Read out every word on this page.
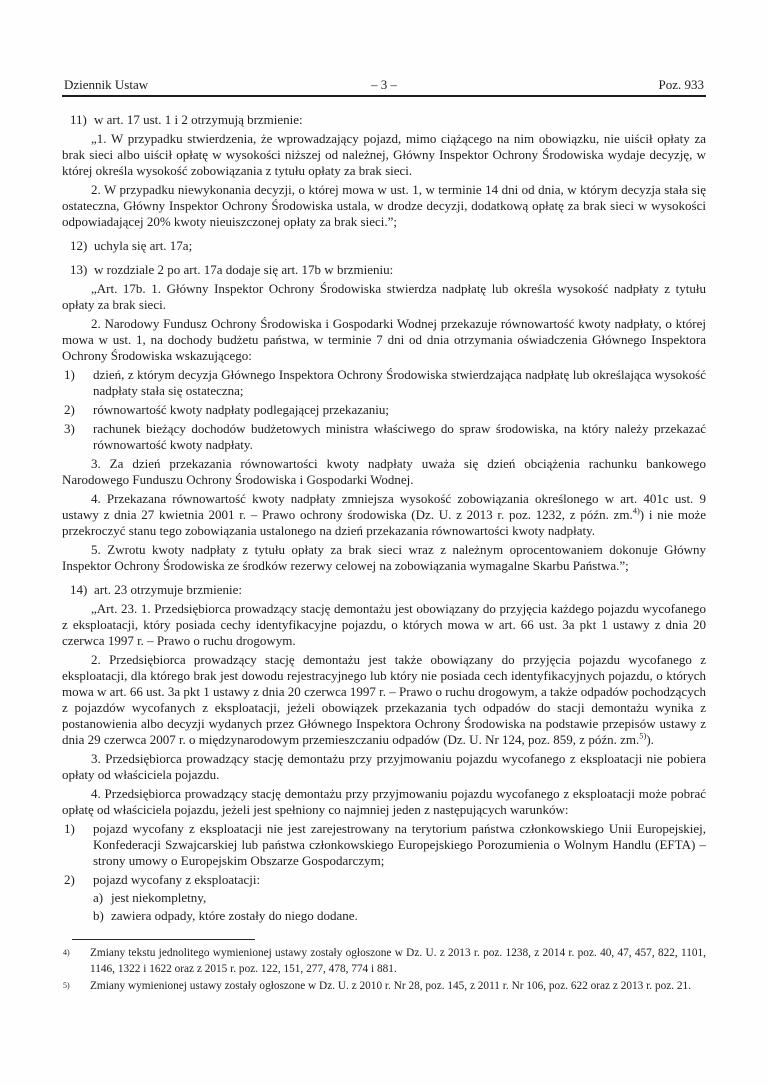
Dziennik Ustaw	– 3 –	Poz. 933
11) w art. 17 ust. 1 i 2 otrzymują brzmienie:

„1. W przypadku stwierdzenia, że wprowadzający pojazd, mimo ciążącego na nim obowiązku, nie uiścił opłaty za brak sieci albo uiścił opłatę w wysokości niższej od należnej, Główny Inspektor Ochrony Środowiska wydaje decyzję, w której określa wysokość zobowiązania z tytułu opłaty za brak sieci.

2. W przypadku niewykonania decyzji, o której mowa w ust. 1, w terminie 14 dni od dnia, w którym decyzja stała się ostateczna, Główny Inspektor Ochrony Środowiska ustala, w drodze decyzji, dodatkową opłatę za brak sieci w wysokości odpowiadającej 20% kwoty nieuiszczonej opłaty za brak sieci.”;

12) uchyla się art. 17a;
13) w rozdziale 2 po art. 17a dodaje się art. 17b w brzmieniu:

„Art. 17b. 1. Główny Inspektor Ochrony Środowiska stwierdza nadpłatę lub określa wysokość nadpłaty z tytułu opłaty za brak sieci.

2. Narodowy Fundusz Ochrony Środowiska i Gospodarki Wodnej przekazuje równowartość kwoty nadpłaty, o której mowa w ust. 1, na dochody budżetu państwa, w terminie 7 dni od dnia otrzymania oświadczenia Głównego Inspektora Ochrony Środowiska wskazującego:

1) dzień, z którym decyzja Głównego Inspektora Ochrony Środowiska stwierdzająca nadpłatę lub określająca wysokość nadpłaty stała się ostateczna;
2) równowartość kwoty nadpłaty podlegającej przekazaniu;
3) rachunek bieżący dochodów budżetowych ministra właściwego do spraw środowiska, na który należy przekazać równowartość kwoty nadpłaty.

3. Za dzień przekazania równowartości kwoty nadpłaty uważa się dzień obciążenia rachunku bankowego Narodowego Funduszu Ochrony Środowiska i Gospodarki Wodnej.

4. Przekazana równowartość kwoty nadpłaty zmniejsza wysokość zobowiązania określonego w art. 401c ust. 9 ustawy z dnia 27 kwietnia 2001 r. – Prawo ochrony środowiska (Dz. U. z 2013 r. poz. 1232, z późn. zm.$^{4)}$) i nie może przekroczyć stanu tego zobowiązania ustalonego na dzień przekazania równowartości kwoty nadpłaty.

5. Zwrotu kwoty nadpłaty z tytułu opłaty za brak sieci wraz z należnym oprocentowaniem dokonuje Główny Inspektor Ochrony Środowiska ze środków rezerwy celowej na zobowiązania wymagalne Skarbu Państwa.”;

14) art. 23 otrzymuje brzmienie:

„Art. 23. 1. Przedsiębiorca prowadzący stację demontażu jest obowiązany do przyjęcia każdego pojazdu wycofanego z eksploatacji, który posiada cechy identyfikacyjne pojazdu, o których mowa w art. 66 ust. 3a pkt 1 ustawy z dnia 20 czerwca 1997 r. – Prawo o ruchu drogowym.

2. Przedsiębiorca prowadzący stację demontażu jest także obowiązany do przyjęcia pojazdu wycofanego z eksploatacji, dla którego brak jest dowodu rejestracyjnego lub który nie posiada cech identyfikacyjnych pojazdu, o których mowa w art. 66 ust. 3a pkt 1 ustawy z dnia 20 czerwca 1997 r. – Prawo o ruchu drogowym, a także odpadów pochodzących z pojazdów wycofanych z eksploatacji, jeżeli obowiązek przekazania tych odpadów do stacji demontażu wynika z postanowienia albo decyzji wydanych przez Głównego Inspektora Ochrony Środowiska na podstawie przepisów ustawy z dnia 29 czerwca 2007 r. o międzynarodowym przemieszczaniu odpadów (Dz. U. Nr 124, poz. 859, z późn. zm.$^{5)}$).

3. Przedsiębiorca prowadzący stację demontażu przy przyjmowaniu pojazdu wycofanego z eksploatacji nie pobiera opłaty od właściciela pojazdu.

4. Przedsiębiorca prowadzący stację demontażu przy przyjmowaniu pojazdu wycofanego z eksploatacji może pobrać opłatę od właściciela pojazdu, jeżeli jest spełniony co najmniej jeden z następujących warunków:

1) pojazd wycofany z eksploatacji nie jest zarejestrowany na terytorium państwa członkowskiego Unii Europejskiej, Konfederacji Szwajcarskiej lub państwa członkowskiego Europejskiego Porozumienia o Wolnym Handlu (EFTA) – strony umowy o Europejskim Obszarze Gospodarczym;
2) pojazd wycofany z eksploatacji:
a) jest niekompletny,
b) zawiera odpady, które zostały do niego dodane.
4) Zmiany tekstu jednolitego wymienionej ustawy zostały ogłoszone w Dz. U. z 2013 r. poz. 1238, z 2014 r. poz. 40, 47, 457, 822, 1101, 1146, 1322 i 1622 oraz z 2015 r. poz. 122, 151, 277, 478, 774 i 881.
5) Zmiany wymienionej ustawy zostały ogłoszone w Dz. U. z 2010 r. Nr 28, poz. 145, z 2011 r. Nr 106, poz. 622 oraz z 2013 r. poz. 21.
